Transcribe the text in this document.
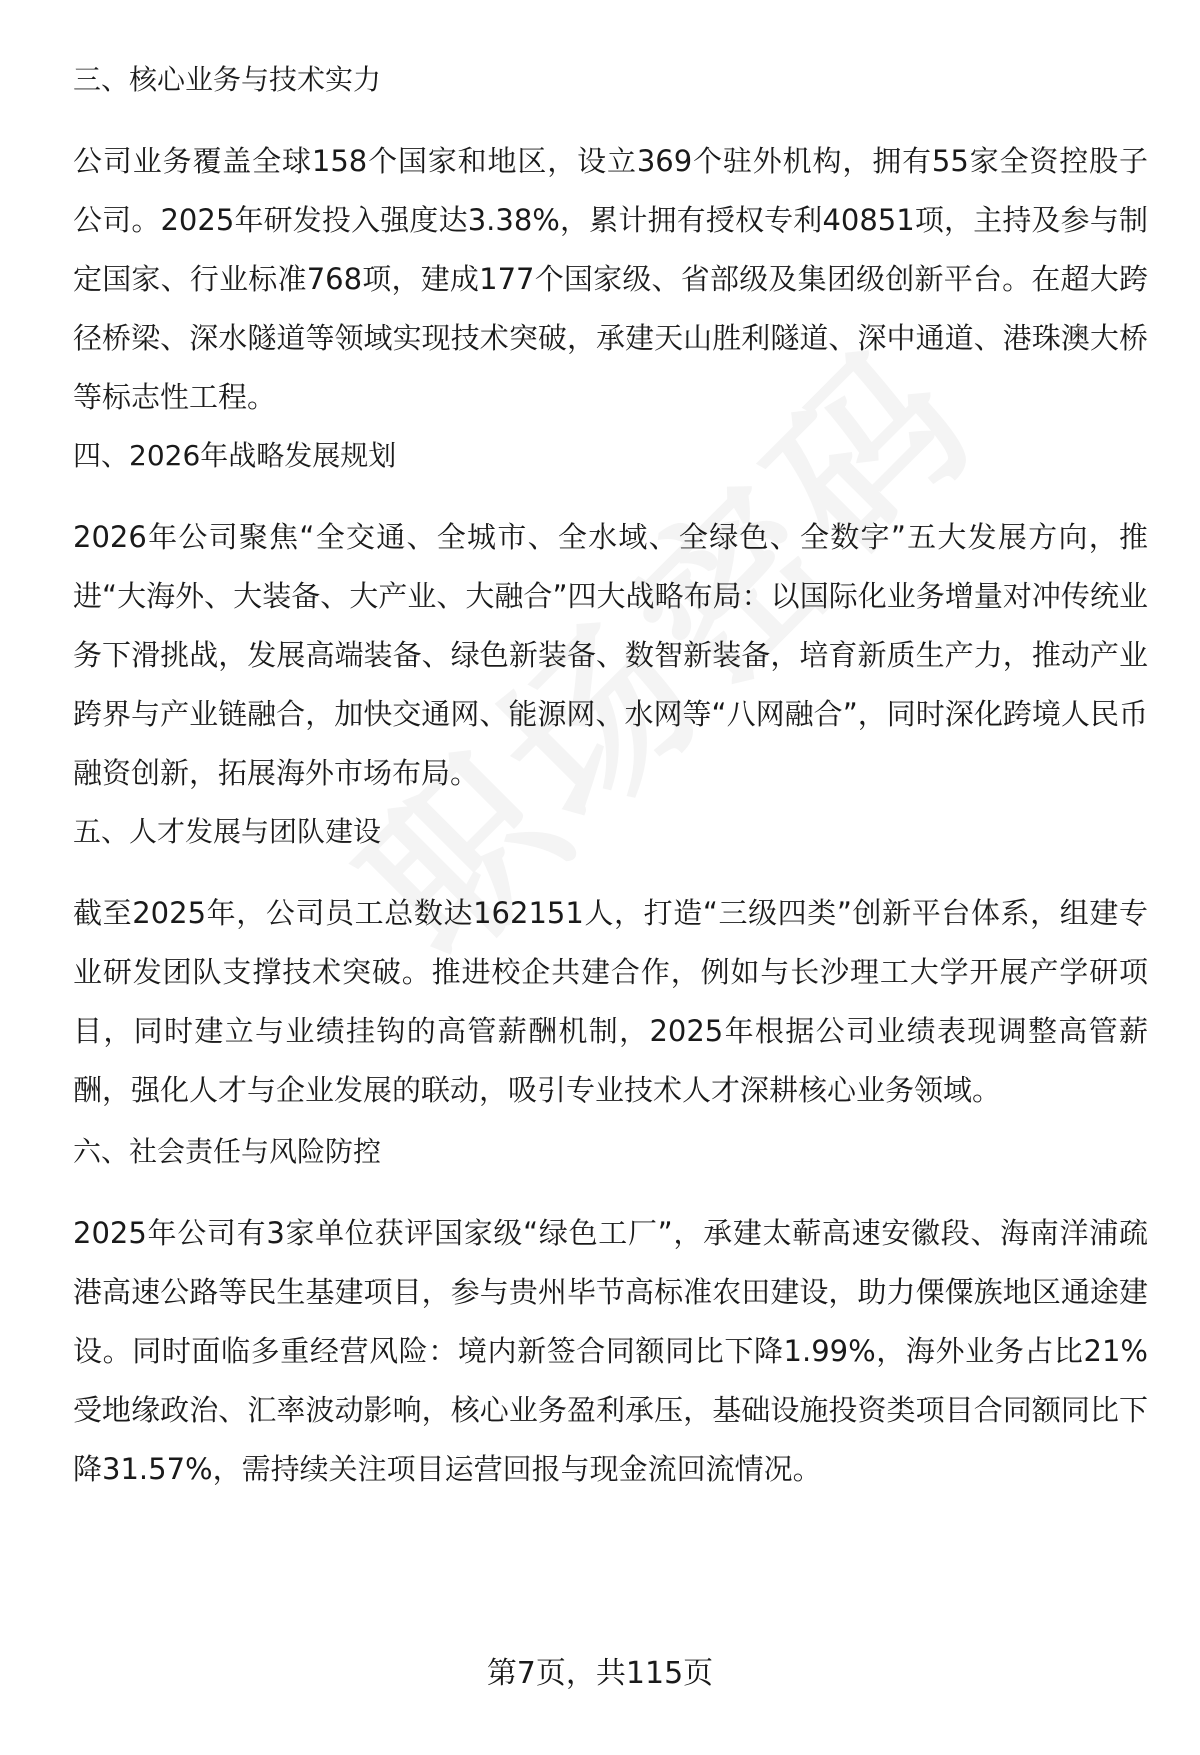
三、核心业务与技术实力

公司业务覆盖全球158个国家和地区，设立369个驻外机构，拥有55家全资控股子公司。2025年研发投入强度达3.38%，累计拥有授权专利40851项，主持及参与制定国家、行业标准768项，建成177个国家级、省部级及集团级创新平台。在超大跨径桥梁、深水隧道等领域实现技术突破，承建天山胜利隧道、深中通道、港珠澳大桥等标志性工程。

四、2026年战略发展规划

2026年公司聚焦“全交通、全城市、全水域、全绿色、全数字”五大发展方向，推进“大海外、大装备、大产业、大融合”四大战略布局：以国际化业务增量对冲传统业务下滑挑战，发展高端装备、绿色新装备、数智新装备，培育新质生产力，推动产业跨界与产业链融合，加快交通网、能源网、水网等“八网融合”，同时深化跨境人民币融资创新，拓展海外市场布局。

五、人才发展与团队建设

截至2025年，公司员工总数达162151人，打造“三级四类”创新平台体系，组建专业研发团队支撑技术突破。推进校企共建合作，例如与长沙理工大学开展产学研项目，同时建立与业绩挂钩的高管薪酬机制，2025年根据公司业绩表现调整高管薪酬，强化人才与企业发展的联动，吸引专业技术人才深耕核心业务领域。

六、社会责任与风险防控

2025年公司有3家单位获评国家级“绿色工厂”，承建太蕲高速安徽段、海南洋浦疏港高速公路等民生基建项目，参与贵州毕节高标准农田建设，助力傈僳族地区通途建设。同时面临多重经营风险：境内新签合同额同比下降1.99%，海外业务占比21%受地缘政治、汇率波动影响，核心业务盈利承压，基础设施投资类项目合同额同比下降31.57%，需持续关注项目运营回报与现金流回流情况。

第7页，共115页
